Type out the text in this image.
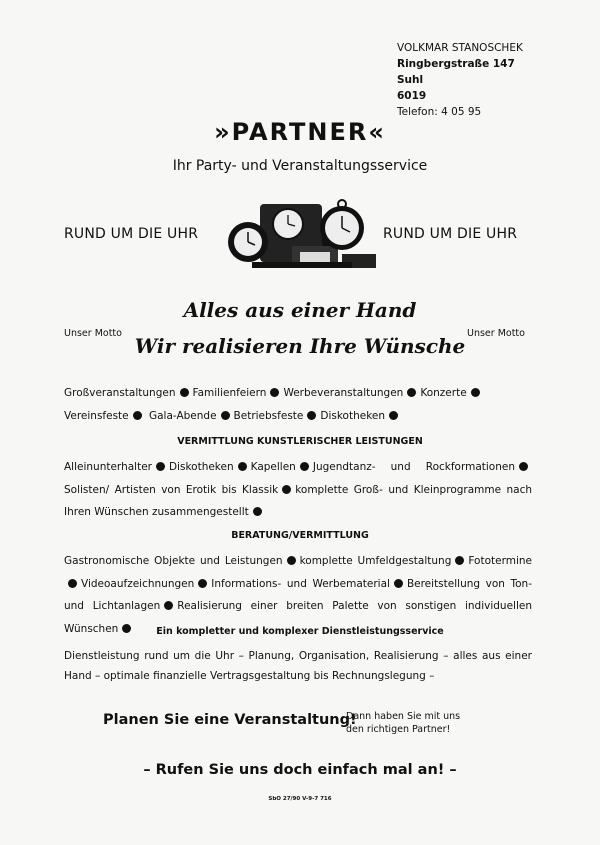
VOLKMAR STANOSCHEK
Ringbergstraße 147
Suhl
6019
Telefon: 4 05 95
»PARTNER«
Ihr Party- und Veranstaltungsservice
RUND UM DIE UHR	RUND UM DIE UHR
Unser Motto	Unser Motto
Alles aus einer Hand
Wir realisieren Ihre Wünsche
Großveranstaltungen Familienfeiern Werbeveranstaltungen KonzerteVereinsfeste Gala-Abende Betriebsfeste Diskotheken
VERMITTLUNG KUNSTLERISCHER LEISTUNGEN
Alleinunterhalter Diskotheken Kapellen Jugendtanz- und RockformationenSolisten/ Artisten von Erotik bis Klassik komplette Groß- und Kleinprogramme nach Ihren Wünschen zusammengestellt
BERATUNG/VERMITTLUNG
Gastronomische Objekte und Leistungen komplette Umfeldgestaltung FototermineVideoaufzeichnungen Informations- und Werbematerial Bereitstellung von Ton- und Lichtanlagen Realisierung einer breiten Palette von sonstigen individuellen Wünschen	Ein kompletter und komplexer Dienstleistungsservice
Dienstleistung rund um die Uhr – Planung, Organisation, Realisierung – alles aus einer Hand – optimale finanzielle Vertragsgestaltung bis Rechnungslegung –
Planen Sie eine Veranstaltung!
Dann haben Sie mit uns
den richtigen Partner!
– Rufen Sie uns doch einfach mal an! –
SbO 27/90 V-9-7 716
